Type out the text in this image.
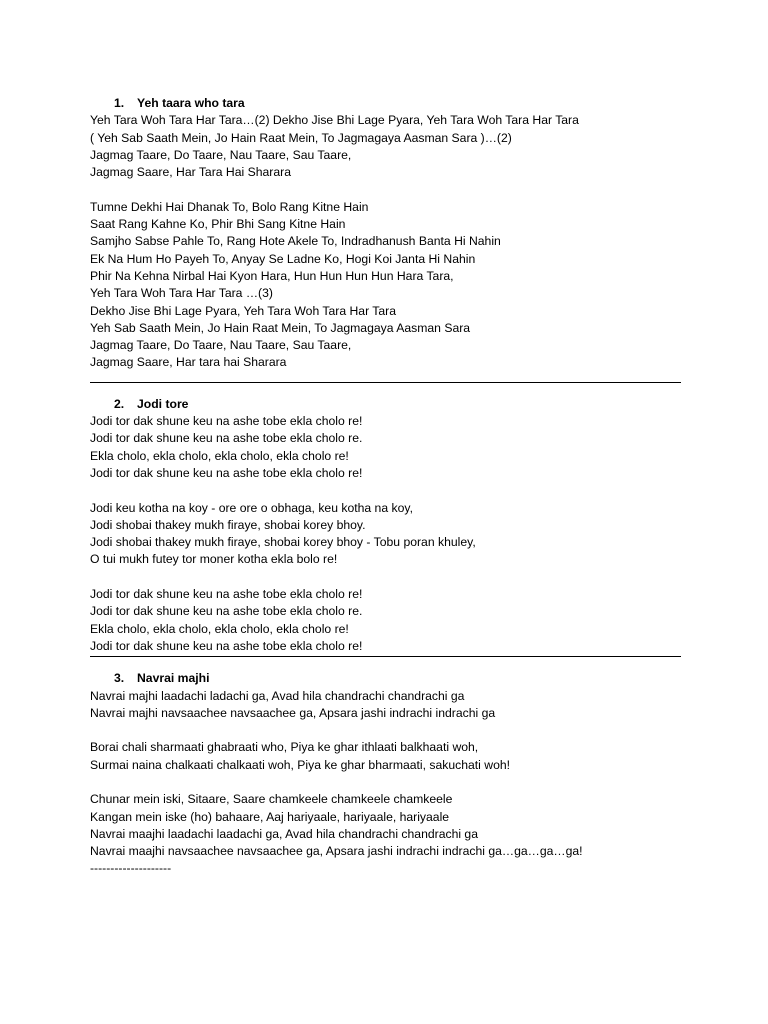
1. Yeh taara who tara
Yeh Tara Woh Tara Har Tara…(2) Dekho Jise Bhi Lage Pyara, Yeh Tara Woh Tara Har Tara
( Yeh Sab Saath Mein, Jo Hain Raat Mein, To Jagmagaya Aasman Sara )…(2)
Jagmag Taare, Do Taare, Nau Taare, Sau Taare,
Jagmag Saare, Har Tara Hai Sharara
Tumne Dekhi Hai Dhanak To, Bolo Rang Kitne Hain
Saat Rang Kahne Ko, Phir Bhi Sang Kitne Hain
Samjho Sabse Pahle To, Rang Hote Akele To, Indradhanush Banta Hi Nahin
Ek Na Hum Ho Payeh To, Anyay Se Ladne Ko, Hogi Koi Janta Hi Nahin
Phir Na Kehna Nirbal Hai Kyon Hara, Hun Hun Hun Hun Hara Tara,
Yeh Tara Woh Tara Har Tara …(3)
Dekho Jise Bhi Lage Pyara, Yeh Tara Woh Tara Har Tara
Yeh Sab Saath Mein, Jo Hain Raat Mein, To Jagmagaya Aasman Sara
Jagmag Taare, Do Taare, Nau Taare, Sau Taare,
Jagmag Saare, Har tara hai Sharara
2. Jodi tore
Jodi tor dak shune keu na ashe tobe ekla cholo re!
Jodi tor dak shune keu na ashe tobe ekla cholo re.
Ekla cholo, ekla cholo, ekla cholo, ekla cholo re!
Jodi tor dak shune keu na ashe tobe ekla cholo re!
Jodi keu kotha na koy - ore ore o obhaga, keu kotha na koy,
Jodi shobai thakey mukh firaye, shobai korey bhoy.
Jodi shobai thakey mukh firaye, shobai korey bhoy - Tobu poran khuley,
O tui mukh futey tor moner kotha ekla bolo re!
Jodi tor dak shune keu na ashe tobe ekla cholo re!
Jodi tor dak shune keu na ashe tobe ekla cholo re.
Ekla cholo, ekla cholo, ekla cholo, ekla cholo re!
Jodi tor dak shune keu na ashe tobe ekla cholo re!
3. Navrai majhi
Navrai majhi laadachi ladachi ga, Avad hila chandrachi chandrachi ga
Navrai majhi navsaachee navsaachee ga, Apsara jashi indrachi indrachi ga
Borai chali sharmaati ghabraati who, Piya ke ghar ithlaati balkhaati woh,
Surmai naina chalkaati chalkaati woh, Piya ke ghar bharmaati, sakuchati woh!
Chunar mein iski, Sitaare, Saare chamkeele chamkeele chamkeele
Kangan mein iske (ho) bahaare, Aaj hariyaale, hariyaale, hariyaale
Navrai maajhi laadachi laadachi ga, Avad hila chandrachi chandrachi ga
Navrai maajhi navsaachee navsaachee ga, Apsara jashi indrachi indrachi ga…ga…ga…ga!
--------------------
